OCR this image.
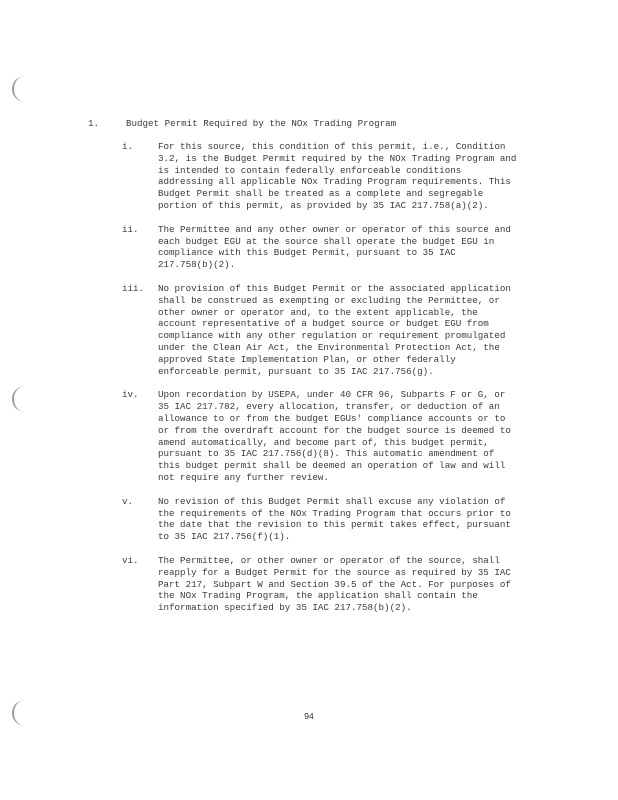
1.	Budget Permit Required by the NOx Trading Program
i.	For this source, this condition of this permit, i.e., Condition
3.2, is the Budget Permit required by the NOx Trading Program and
is intended to contain federally enforceable conditions
addressing all applicable NOx Trading Program requirements. This
Budget Permit shall be treated as a complete and segregable
portion of this permit, as provided by 35 IAC 217.758(a)(2).
ii.	The Permittee and any other owner or operator of this source and
each budget EGU at the source shall operate the budget EGU in
compliance with this Budget Permit, pursuant to 35 IAC
217.758(b)(2).
iii.	No provision of this Budget Permit or the associated application
shall be construed as exempting or excluding the Permittee, or
other owner or operator and, to the extent applicable, the
account representative of a budget source or budget EGU from
compliance with any other regulation or requirement promulgated
under the Clean Air Act, the Environmental Protection Act, the
approved State Implementation Plan, or other federally
enforceable permit, pursuant to 35 IAC 217.756(g).
iv.	Upon recordation by USEPA, under 40 CFR 96, Subparts F or G, or
35 IAC 217.782, every allocation, transfer, or deduction of an
allowance to or from the budget EGUs' compliance accounts or to
or from the overdraft account for the budget source is deemed to
amend automatically, and become part of, this budget permit,
pursuant to 35 IAC 217.756(d)(8). This automatic amendment of
this budget permit shall be deemed an operation of law and will
not require any further review.
v.	No revision of this Budget Permit shall excuse any violation of
the requirements of the NOx Trading Program that occurs prior to
the date that the revision to this permit takes effect, pursuant
to 35 IAC 217.756(f)(1).
vi.	The Permittee, or other owner or operator of the source, shall
reapply for a Budget Permit for the source as required by 35 IAC
Part 217, Subpart W and Section 39.5 of the Act. For purposes of
the NOx Trading Program, the application shall contain the
information specified by 35 IAC 217.758(b)(2).
94
